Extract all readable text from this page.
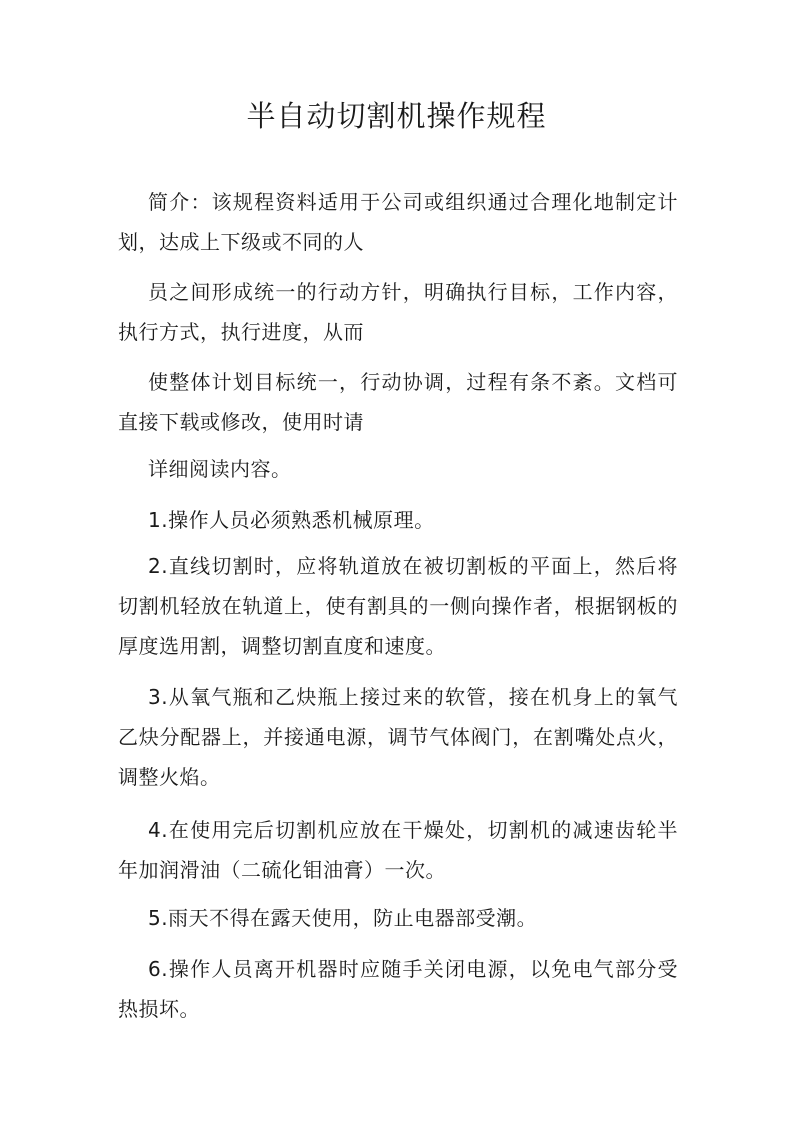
半自动切割机操作规程

简介：该规程资料适用于公司或组织通过合理化地制定计划，达成上下级或不同的人

员之间形成统一的行动方针，明确执行目标，工作内容，执行方式，执行进度，从而

使整体计划目标统一，行动协调，过程有条不紊。文档可直接下载或修改，使用时请

详细阅读内容。

1.操作人员必须熟悉机械原理。

2.直线切割时，应将轨道放在被切割板的平面上，然后将切割机轻放在轨道上，使有割具的一侧向操作者，根据钢板的厚度选用割，调整切割直度和速度。

3.从氧气瓶和乙炔瓶上接过来的软管，接在机身上的氧气乙炔分配器上，并接通电源，调节气体阀门，在割嘴处点火，调整火焰。

4.在使用完后切割机应放在干燥处，切割机的减速齿轮半年加润滑油（二硫化钼油膏）一次。

5.雨天不得在露天使用，防止电器部受潮。

6.操作人员离开机器时应随手关闭电源，以免电气部分受热损坏。
